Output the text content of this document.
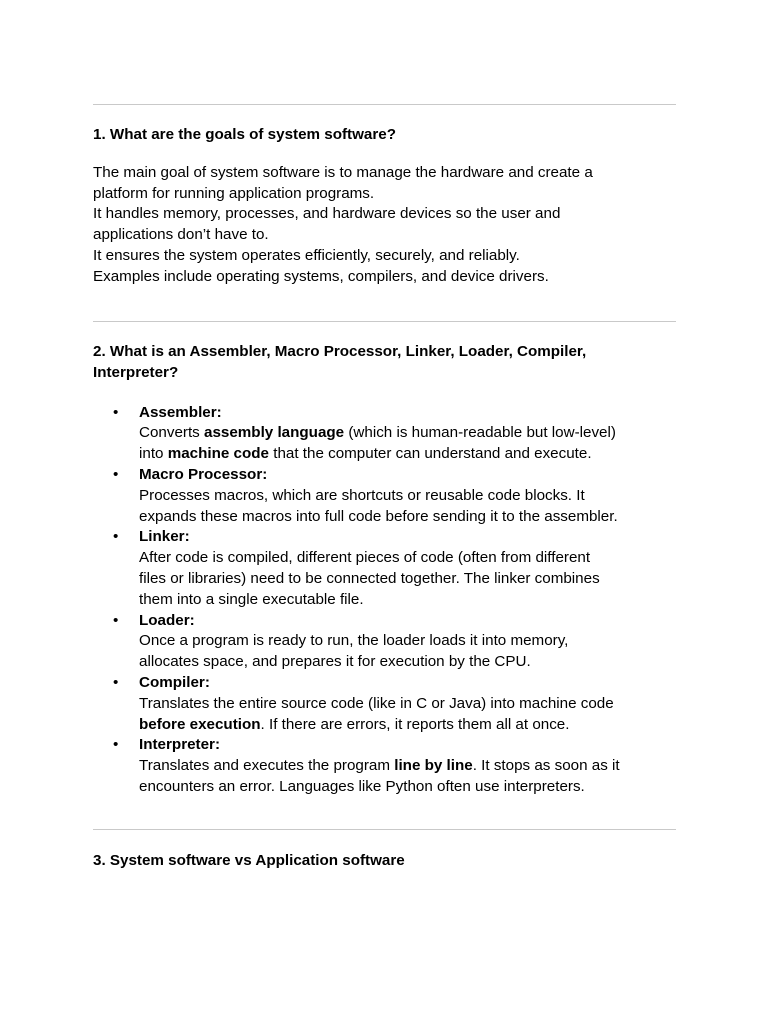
1. What are the goals of system software?

The main goal of system software is to manage the hardware and create a
platform for running application programs.
It handles memory, processes, and hardware devices so the user and
applications don’t have to.
It ensures the system operates efficiently, securely, and reliably.
Examples include operating systems, compilers, and device drivers.

2. What is an Assembler, Macro Processor, Linker, Loader, Compiler,
Interpreter?

• Assembler:
Converts assembly language (which is human-readable but low-level)
into machine code that the computer can understand and execute.
• Macro Processor:
Processes macros, which are shortcuts or reusable code blocks. It
expands these macros into full code before sending it to the assembler.
• Linker:
After code is compiled, different pieces of code (often from different
files or libraries) need to be connected together. The linker combines
them into a single executable file.
• Loader:
Once a program is ready to run, the loader loads it into memory,
allocates space, and prepares it for execution by the CPU.
• Compiler:
Translates the entire source code (like in C or Java) into machine code
before execution. If there are errors, it reports them all at once.
• Interpreter:
Translates and executes the program line by line. It stops as soon as it
encounters an error. Languages like Python often use interpreters.

3. System software vs Application software
